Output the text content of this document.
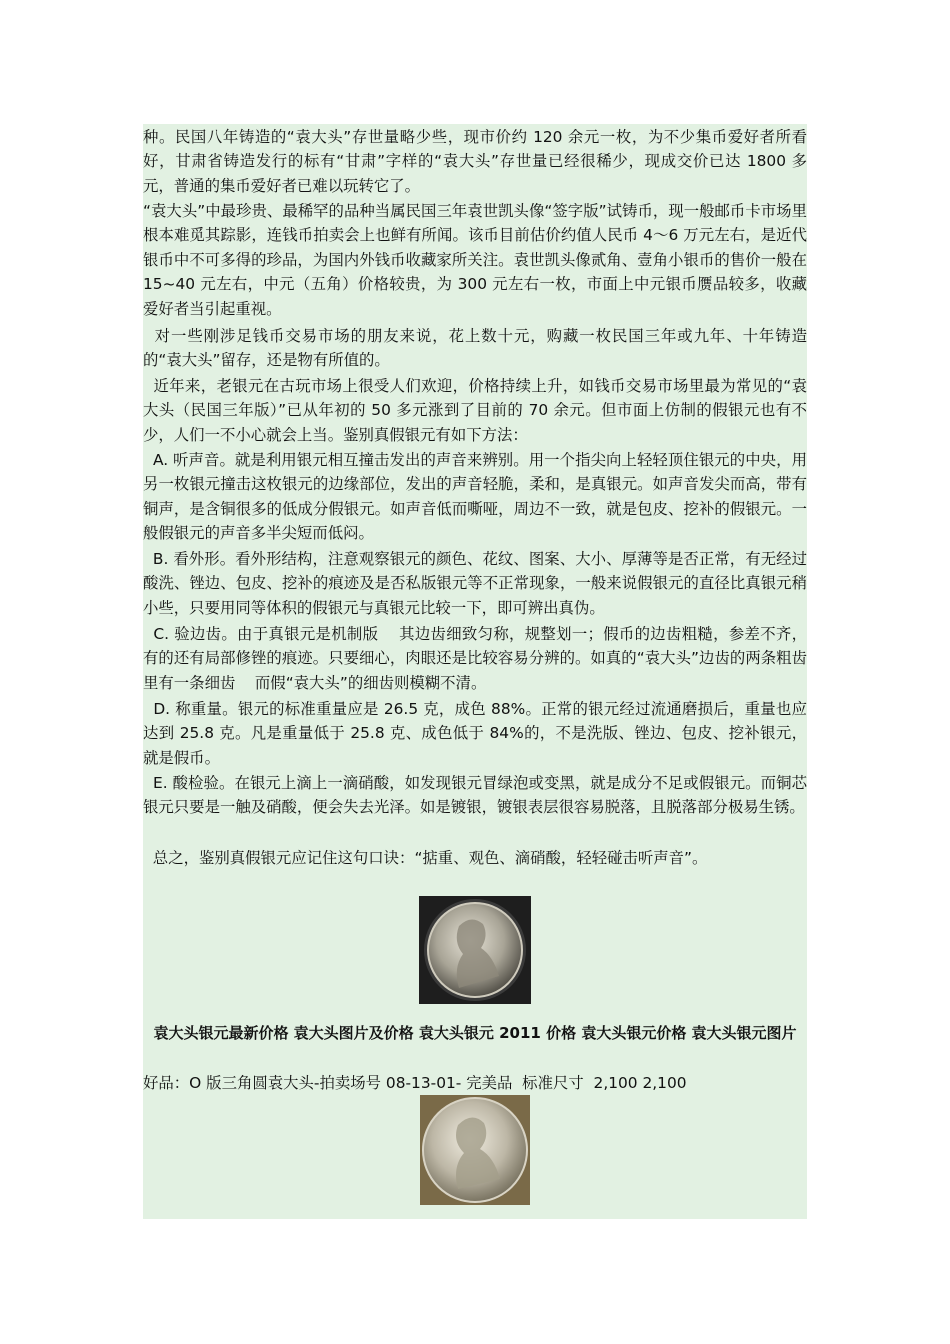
种。民国八年铸造的“袁大头”存世量略少些，现市价约 120 余元一枚，为不少集币爱好者所看好，甘肃省铸造发行的标有“甘肃”字样的“袁大头”存世量已经很稀少，现成交价已达 1800 多元，普通的集币爱好者已难以玩转它了。

“袁大头”中最珍贵、最稀罕的品种当属民国三年袁世凯头像“签字版”试铸币，现一般邮币卡市场里根本难觅其踪影，连钱币拍卖会上也鲜有所闻。该币目前估价约值人民币 4～6 万元左右，是近代银币中不可多得的珍品，为国内外钱币收藏家所关注。袁世凯头像贰角、壹角小银币的售价一般在 15~40 元左右，中元（五角）价格较贵，为 300 元左右一枚，市面上中元银币赝品较多，收藏爱好者当引起重视。

对一些刚涉足钱币交易市场的朋友来说，花上数十元，购藏一枚民国三年或九年、十年铸造的“袁大头”留存，还是物有所值的。

近年来，老银元在古玩市场上很受人们欢迎，价格持续上升，如钱币交易市场里最为常见的“袁大头（民国三年版）”已从年初的 50 多元涨到了目前的 70 余元。但市面上仿制的假银元也有不少，人们一不小心就会上当。鉴别真假银元有如下方法：

A. 听声音。就是利用银元相互撞击发出的声音来辨别。用一个指尖向上轻轻顶住银元的中央，用另一枚银元撞击这枚银元的边缘部位，发出的声音轻脆，柔和，是真银元。如声音发尖而高，带有铜声，是含铜很多的低成分假银元。如声音低而嘶哑，周边不一致，就是包皮、挖补的假银元。一般假银元的声音多半尖短而低闷。

B. 看外形。看外形结构，注意观察银元的颜色、花纹、图案、大小、厚薄等是否正常，有无经过酸洗、锉边、包皮、挖补的痕迹及是否私版银元等不正常现象，一般来说假银元的直径比真银元稍小些，只要用同等体积的假银元与真银元比较一下，即可辨出真伪。

C. 验边齿。由于真银元是机制版    其边齿细致匀称，规整划一；假币的边齿粗糙，参差不齐，有的还有局部修锉的痕迹。只要细心，肉眼还是比较容易分辨的。如真的“袁大头”边齿的两条粗齿里有一条细齿    而假“袁大头”的细齿则模糊不清。

D. 称重量。银元的标准重量应是 26.5 克，成色 88%。正常的银元经过流通磨损后，重量也应达到 25.8 克。凡是重量低于 25.8 克、成色低于 84%的，不是洗版、锉边、包皮、挖补银元，就是假币。

E. 酸检验。在银元上滴上一滴硝酸，如发现银元冒绿泡或变黑，就是成分不足或假银元。而铜芯银元只要是一触及硝酸，便会失去光泽。如是镀银，镀银表层很容易脱落，且脱落部分极易生锈。

总之，鉴别真假银元应记住这句口诀：“掂重、观色、滴硝酸，轻轻碰击听声音”。

袁大头银元最新价格 袁大头图片及价格 袁大头银元 2011 价格 袁大头银元价格 袁大头银元图片
好品：O 版三角圆袁大头-拍卖场号 08-13-01- 完美品  标准尺寸  2,100 2,100
